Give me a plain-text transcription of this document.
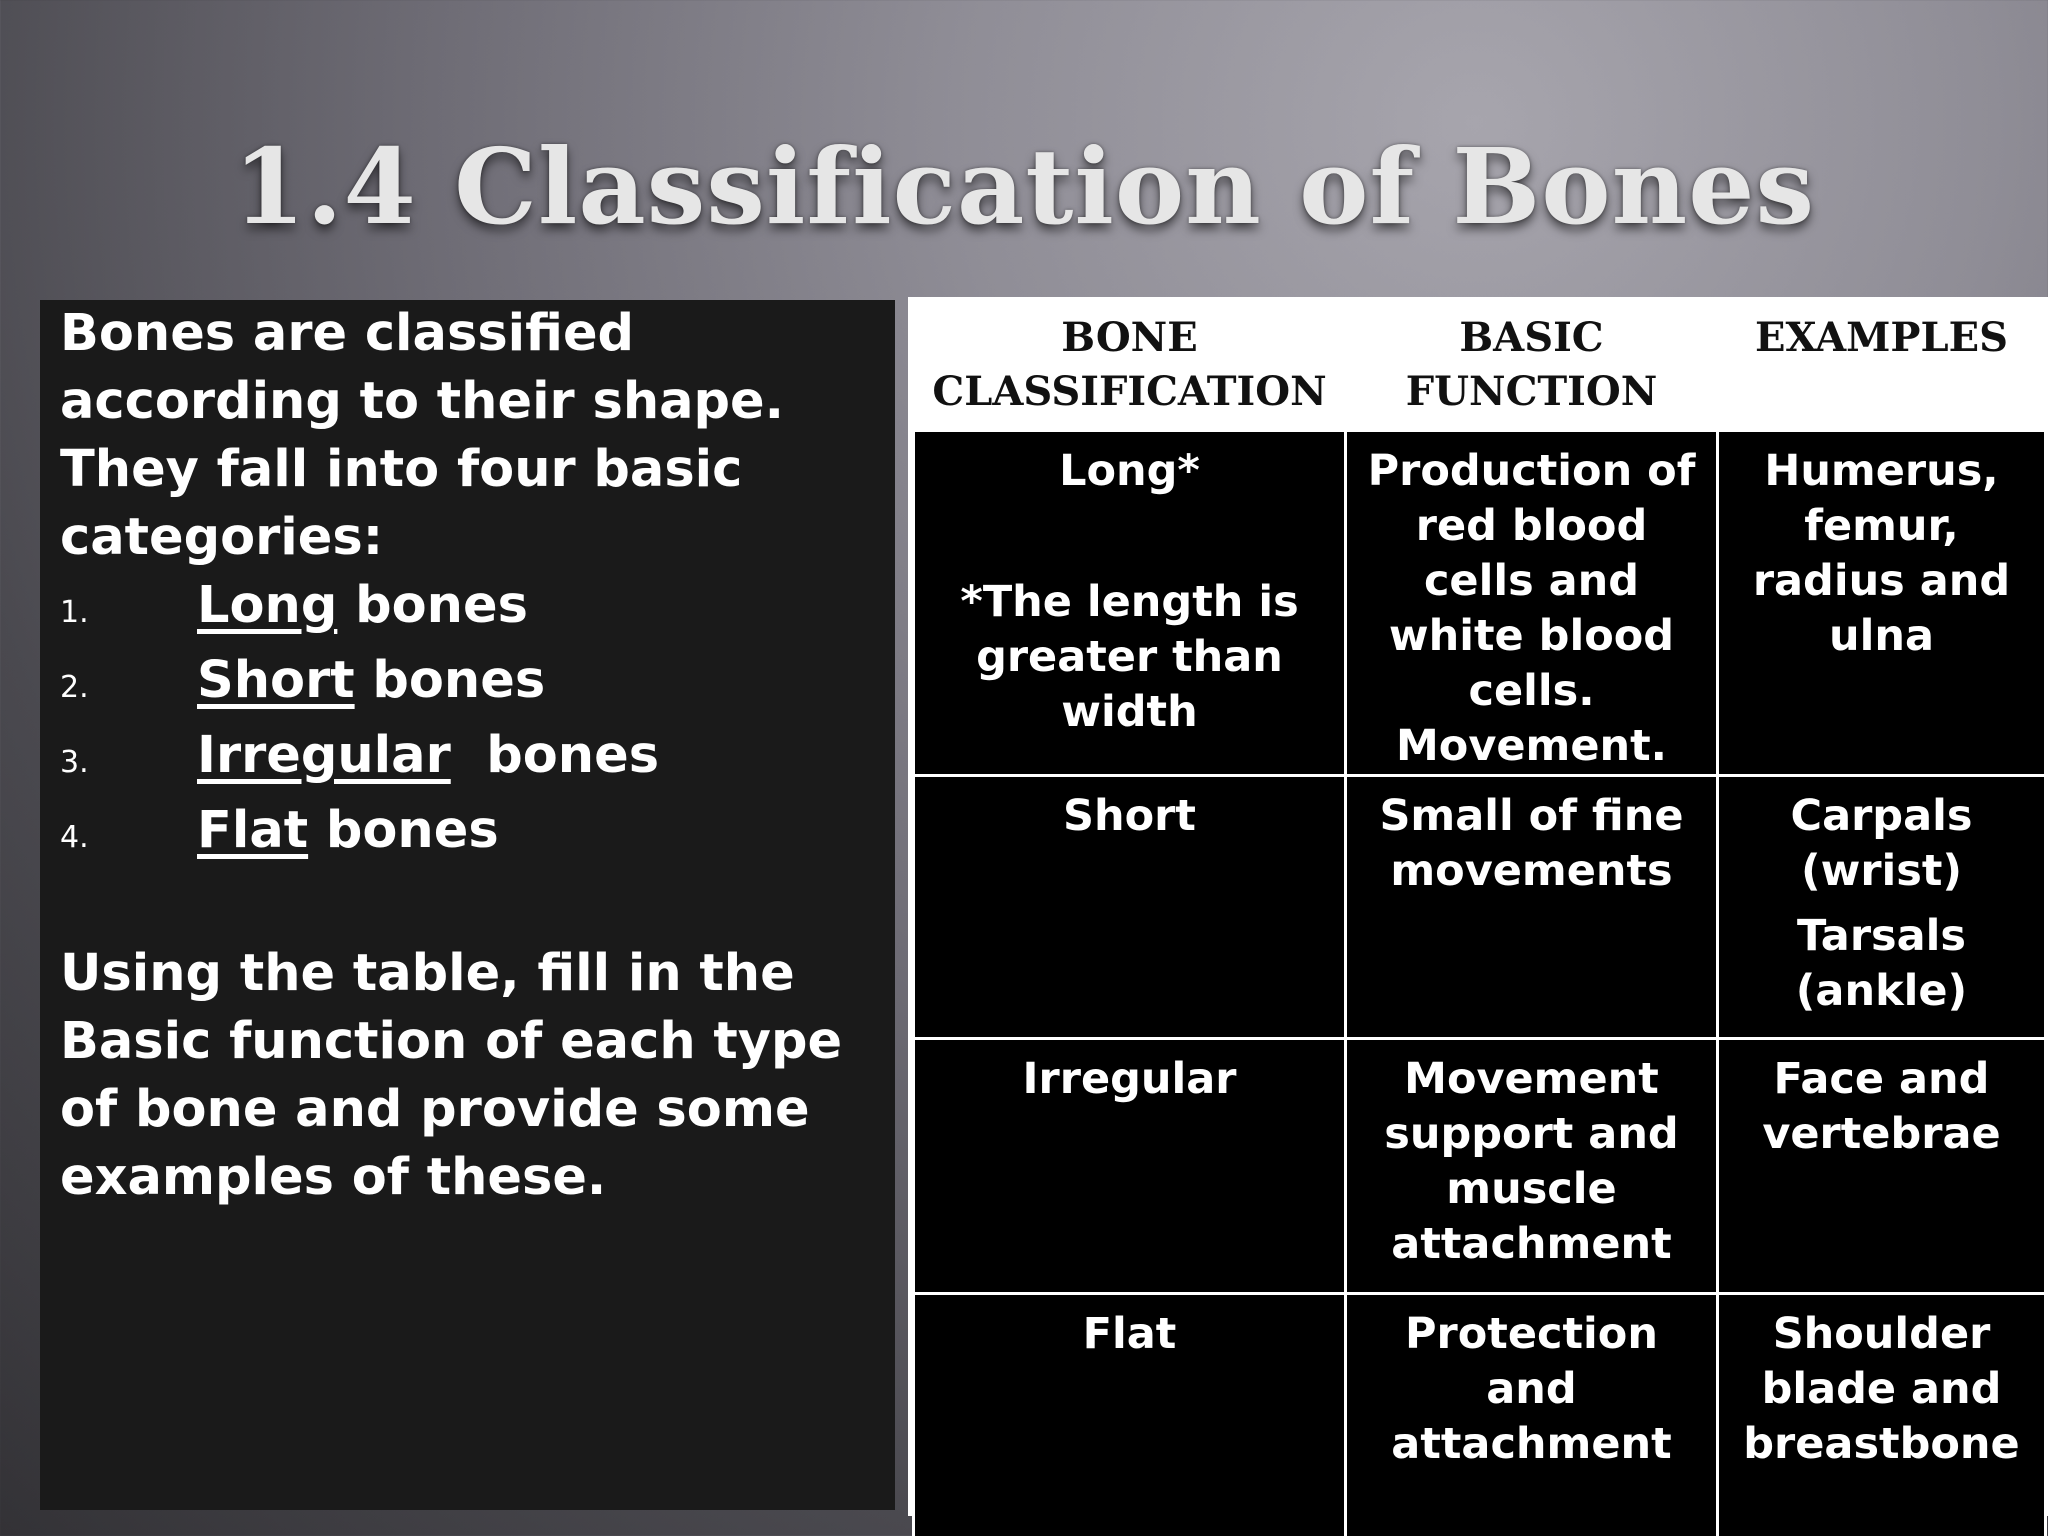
1.4 Classification of Bones

Bones are classified according to their shape. They fall into four basic categories:

1.	Long bones
2.	Short bones
3.	Irregular bones
4.	Flat bones

Using the table, fill in the Basic function of each type of bone and provide some examples of these.

BONE CLASSIFICATION	BASIC FUNCTION	EXAMPLES

Long*
*The length is greater than width	Production of red blood cells and white blood cells. Movement.	Humerus, femur, radius and ulna

Short	Small of fine movements	Carpals (wrist)
Tarsals (ankle)

Irregular	Movement support and muscle attachment	Face and vertebrae

Flat	Protection and attachment	Shoulder blade and breastbone
